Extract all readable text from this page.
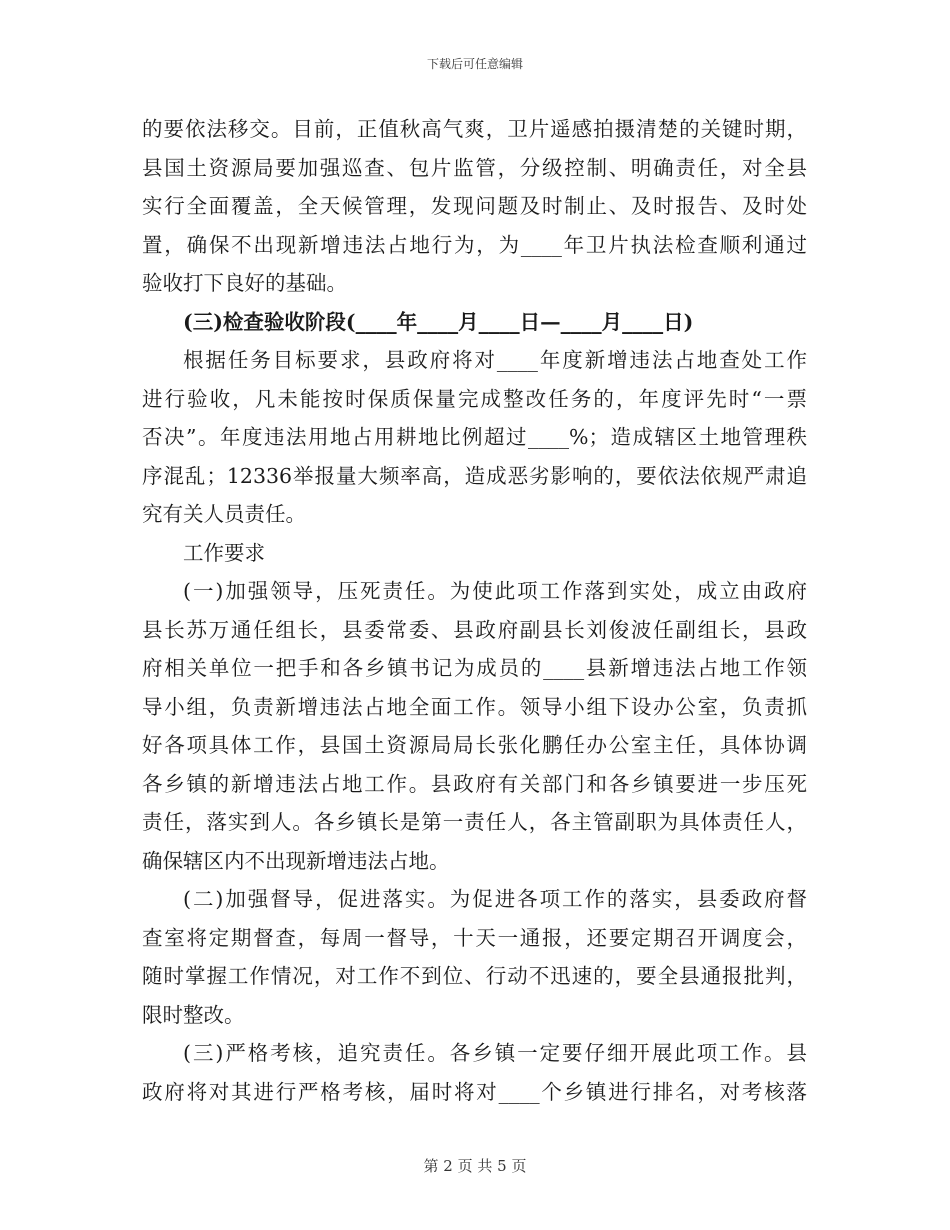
下载后可任意编辑
的要依法移交。目前，正值秋高气爽，卫片遥感拍摄清楚的关键时期，
县国土资源局要加强巡查、包片监管，分级控制、明确责任，对全县
实行全面覆盖，全天候管理，发现问题及时制止、及时报告、及时处
置，确保不出现新增违法占地行为，为____年卫片执法检查顺利通过
验收打下良好的基础。
(三)检查验收阶段(____年____月____日—____月____日)
根据任务目标要求，县政府将对____年度新增违法占地查处工作
进行验收，凡未能按时保质保量完成整改任务的，年度评先时“一票
否决”。年度违法用地占用耕地比例超过____%；造成辖区土地管理秩
序混乱；12336举报量大频率高，造成恶劣影响的，要依法依规严肃追
究有关人员责任。
工作要求
(一)加强领导，压死责任。为使此项工作落到实处，成立由政府
县长苏万通任组长，县委常委、县政府副县长刘俊波任副组长，县政
府相关单位一把手和各乡镇书记为成员的____县新增违法占地工作领
导小组，负责新增违法占地全面工作。领导小组下设办公室，负责抓
好各项具体工作，县国土资源局局长张化鹏任办公室主任，具体协调
各乡镇的新增违法占地工作。县政府有关部门和各乡镇要进一步压死
责任，落实到人。各乡镇长是第一责任人，各主管副职为具体责任人，
确保辖区内不出现新增违法占地。
(二)加强督导，促进落实。为促进各项工作的落实，县委政府督
查室将定期督查，每周一督导，十天一通报，还要定期召开调度会，
随时掌握工作情况，对工作不到位、行动不迅速的，要全县通报批判，
限时整改。
(三)严格考核，追究责任。各乡镇一定要仔细开展此项工作。县
政府将对其进行严格考核，届时将对____个乡镇进行排名，对考核落
第 2 页 共 5 页
